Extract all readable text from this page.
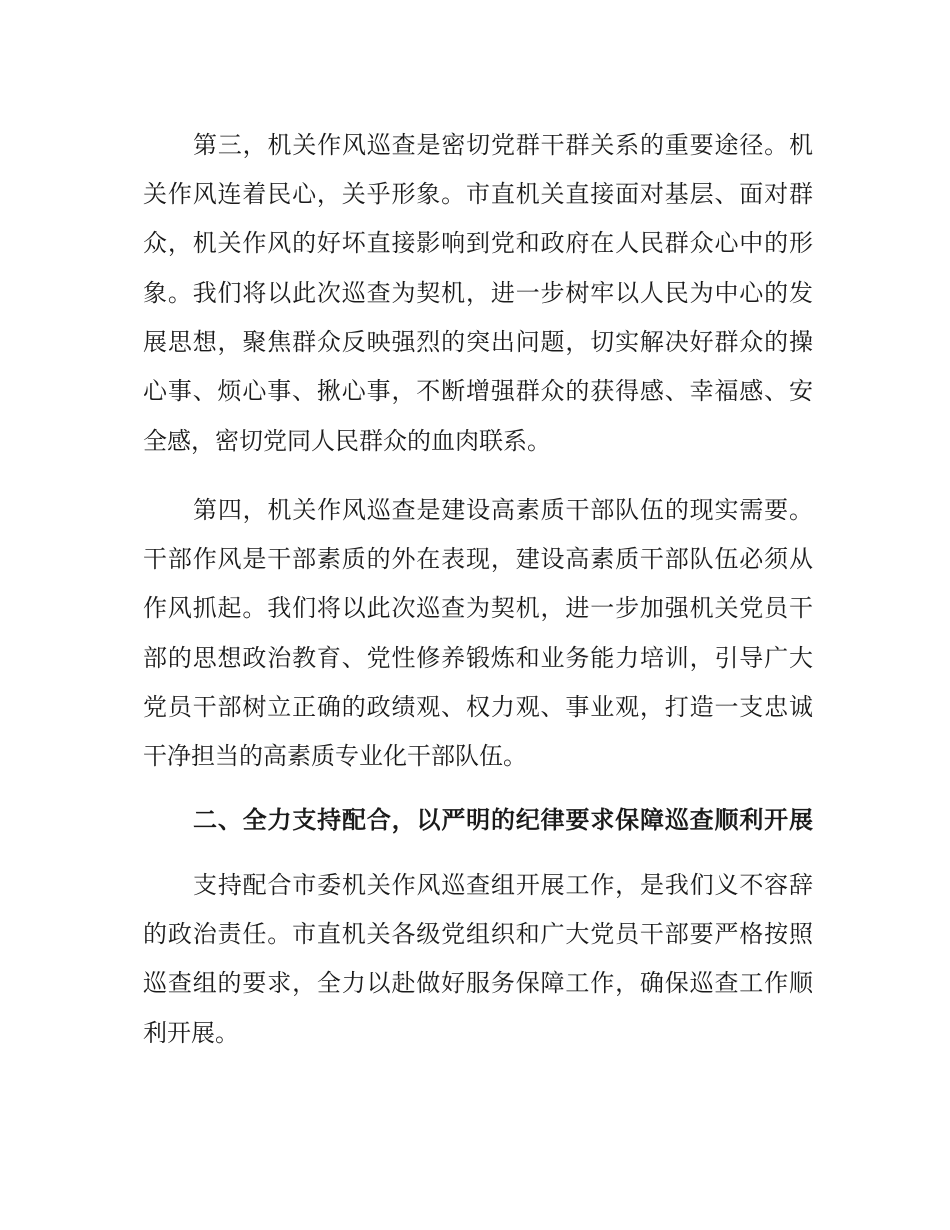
第三，机关作风巡查是密切党群干群关系的重要途径。机
关作风连着民心，关乎形象。市直机关直接面对基层、面对群
众，机关作风的好坏直接影响到党和政府在人民群众心中的形
象。我们将以此次巡查为契机，进一步树牢以人民为中心的发
展思想，聚焦群众反映强烈的突出问题，切实解决好群众的操
心事、烦心事、揪心事，不断增强群众的获得感、幸福感、安
全感，密切党同人民群众的血肉联系。
第四，机关作风巡查是建设高素质干部队伍的现实需要。
干部作风是干部素质的外在表现，建设高素质干部队伍必须从
作风抓起。我们将以此次巡查为契机，进一步加强机关党员干
部的思想政治教育、党性修养锻炼和业务能力培训，引导广大
党员干部树立正确的政绩观、权力观、事业观，打造一支忠诚
干净担当的高素质专业化干部队伍。
二、全力支持配合，以严明的纪律要求保障巡查顺利开展
支持配合市委机关作风巡查组开展工作，是我们义不容辞
的政治责任。市直机关各级党组织和广大党员干部要严格按照
巡查组的要求，全力以赴做好服务保障工作，确保巡查工作顺
利开展。
